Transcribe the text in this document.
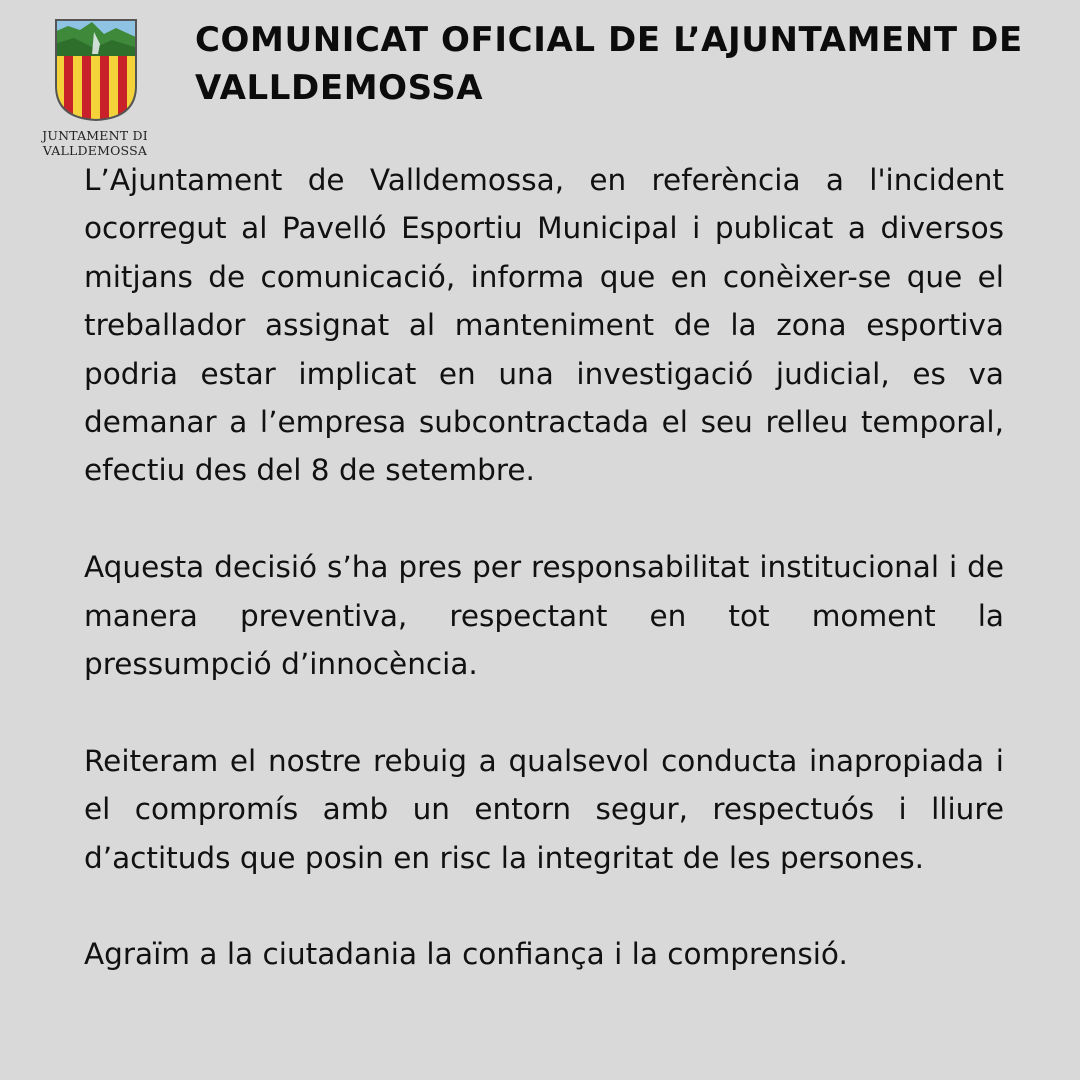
JUNTAMENT DI
VALLDEMOSSA
COMUNICAT OFICIAL DE L’AJUNTAMENT DE VALLDEMOSSA

L’Ajuntament de Valldemossa, en referència a l'incident ocorregut al Pavelló Esportiu Municipal i publicat a diversos mitjans de comunicació, informa que en conèixer-se que el treballador assignat al manteniment de la zona esportiva podria estar implicat en una investigació judicial, es va demanar a l’empresa subcontractada el seu relleu temporal, efectiu des del 8 de setembre.

Aquesta decisió s’ha pres per responsabilitat institucional i de manera preventiva, respectant en tot moment la pressumpció d’innocència.

Reiteram el nostre rebuig a qualsevol conducta inapropiada i el compromís amb un entorn segur, respectuós i lliure d’actituds que posin en risc la integritat de les persones.

Agraïm a la ciutadania la confiança i la comprensió.
